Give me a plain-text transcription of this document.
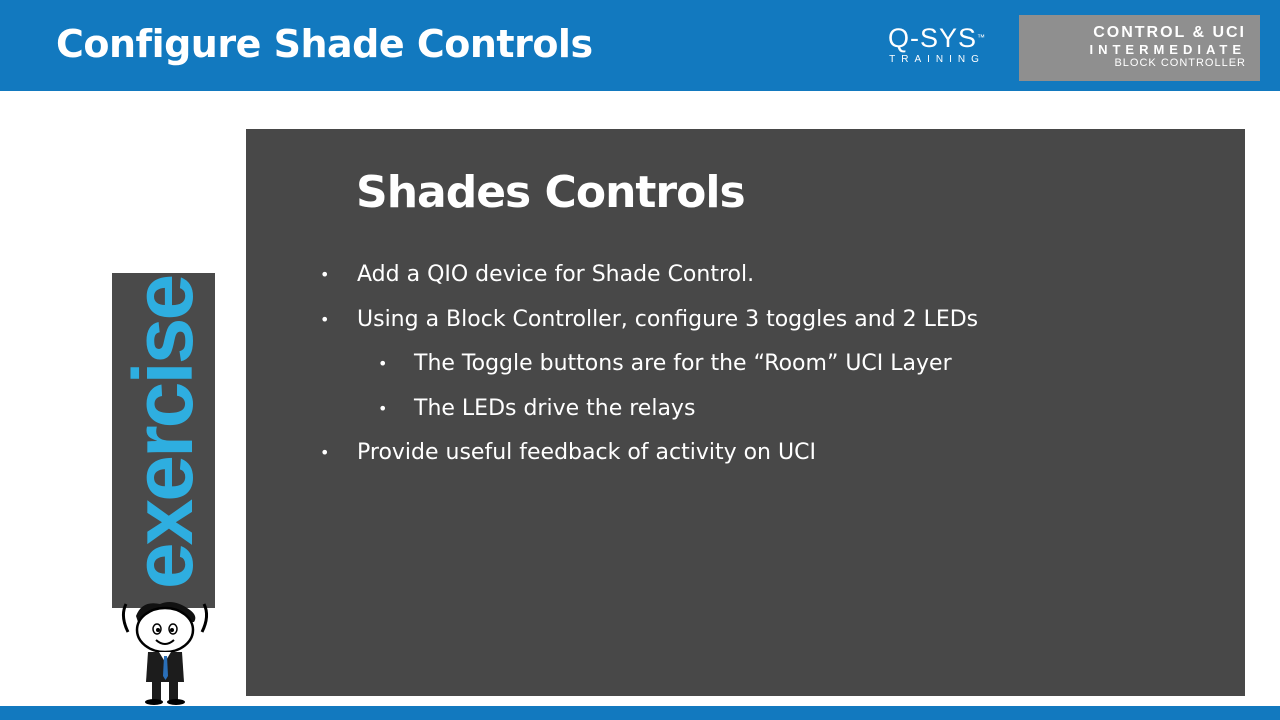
Configure Shade Controls	Q-SYS™
TRAINING
CONTROL & UCI
INTERMEDIATE
BLOCK CONTROLLER
exercise
Shades Controls
• Add a QIO device for Shade Control.
• Using a Block Controller, configure 3 toggles and 2 LEDs
• The Toggle buttons are for the “Room” UCI Layer
• The LEDs drive the relays
• Provide useful feedback of activity on UCI
